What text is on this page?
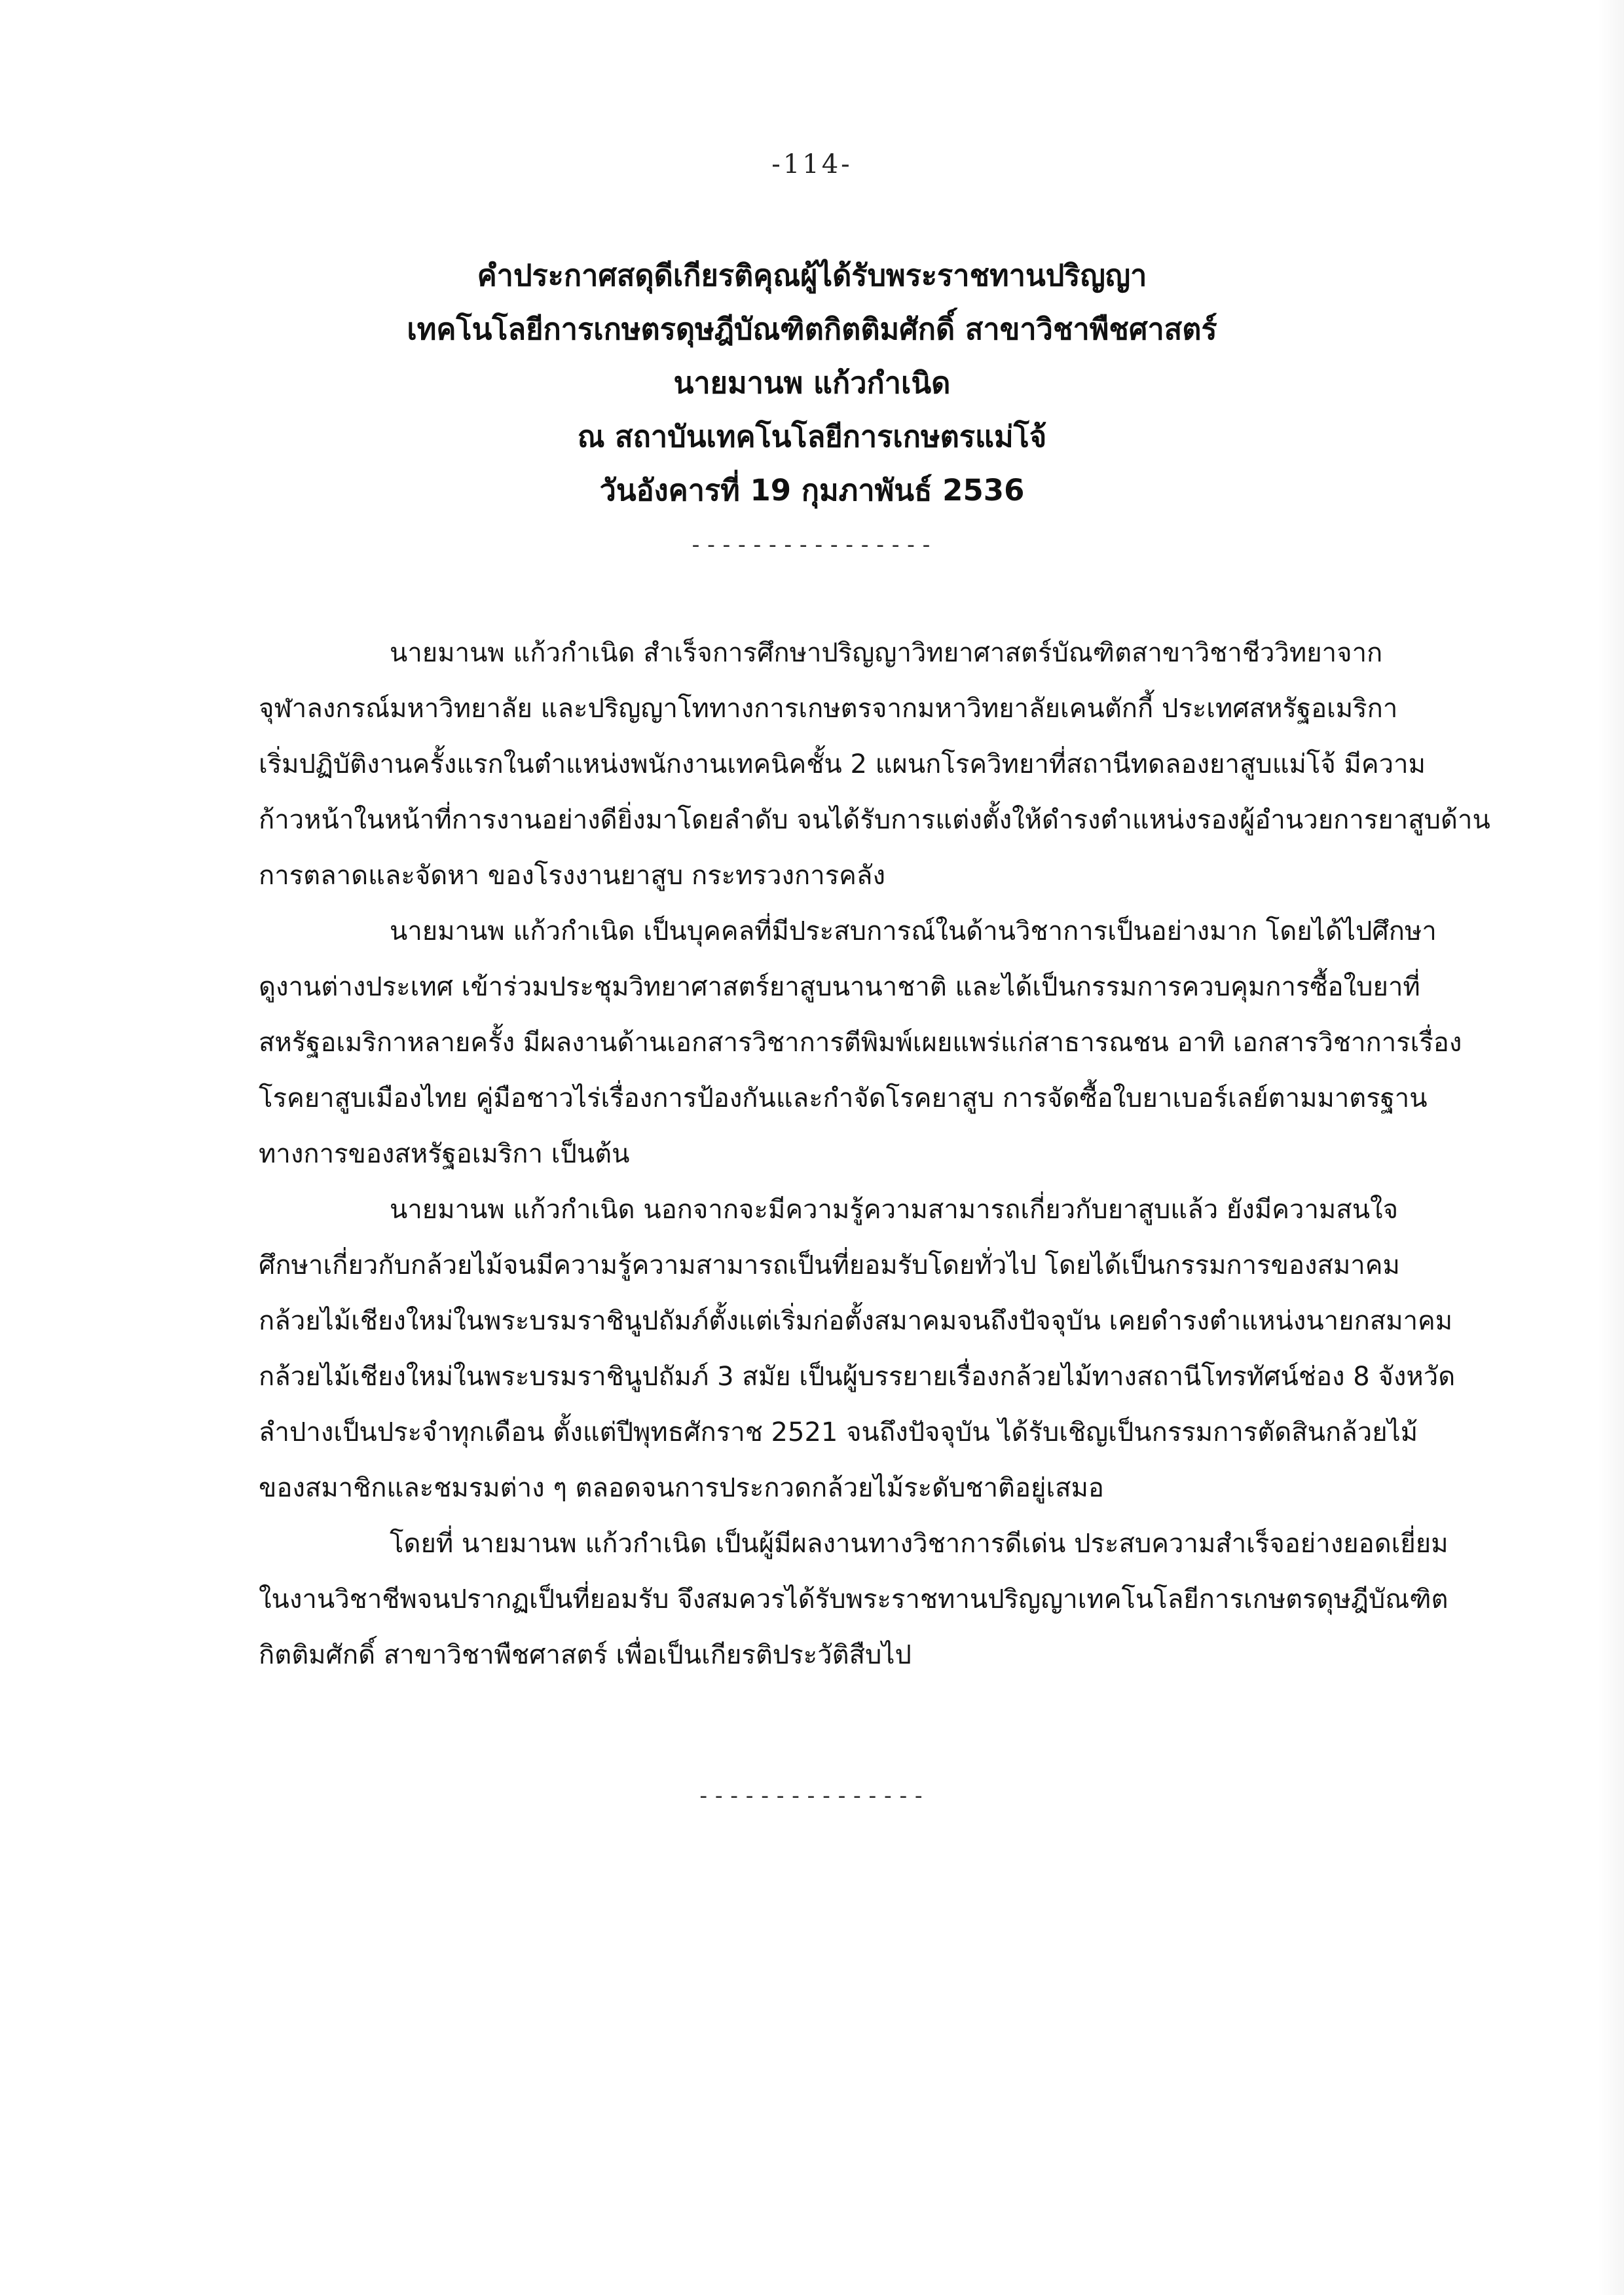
-114-
คำประกาศสดุดีเกียรติคุณผู้ได้รับพระราชทานปริญญา
เทคโนโลยีการเกษตรดุษฎีบัณฑิตกิตติมศักดิ์ สาขาวิชาพืชศาสตร์
นายมานพ แก้วกำเนิด
ณ สถาบันเทคโนโลยีการเกษตรแม่โจ้
วันอังคารที่ 19 กุมภาพันธ์ 2536
----------------
นายมานพ แก้วกำเนิด สำเร็จการศึกษาปริญญาวิทยาศาสตร์บัณฑิตสาขาวิชาชีววิทยาจาก
จุฬาลงกรณ์มหาวิทยาลัย และปริญญาโททางการเกษตรจากมหาวิทยาลัยเคนตักกี้ ประเทศสหรัฐอเมริกา
เริ่มปฏิบัติงานครั้งแรกในตำแหน่งพนักงานเทคนิคชั้น 2 แผนกโรควิทยาที่สถานีทดลองยาสูบแม่โจ้ มีความ
ก้าวหน้าในหน้าที่การงานอย่างดียิ่งมาโดยลำดับ จนได้รับการแต่งตั้งให้ดำรงตำแหน่งรองผู้อำนวยการยาสูบด้าน
การตลาดและจัดหา ของโรงงานยาสูบ กระทรวงการคลัง
นายมานพ แก้วกำเนิด เป็นบุคคลที่มีประสบการณ์ในด้านวิชาการเป็นอย่างมาก โดยได้ไปศึกษา
ดูงานต่างประเทศ เข้าร่วมประชุมวิทยาศาสตร์ยาสูบนานาชาติ และได้เป็นกรรมการควบคุมการซื้อใบยาที่
สหรัฐอเมริกาหลายครั้ง มีผลงานด้านเอกสารวิชาการตีพิมพ์เผยแพร่แก่สาธารณชน อาทิ เอกสารวิชาการเรื่อง
โรคยาสูบเมืองไทย คู่มือชาวไร่เรื่องการป้องกันและกำจัดโรคยาสูบ การจัดซื้อใบยาเบอร์เลย์ตามมาตรฐาน
ทางการของสหรัฐอเมริกา เป็นต้น
นายมานพ แก้วกำเนิด นอกจากจะมีความรู้ความสามารถเกี่ยวกับยาสูบแล้ว ยังมีความสนใจ
ศึกษาเกี่ยวกับกล้วยไม้จนมีความรู้ความสามารถเป็นที่ยอมรับโดยทั่วไป โดยได้เป็นกรรมการของสมาคม
กล้วยไม้เชียงใหม่ในพระบรมราชินูปถัมภ์ตั้งแต่เริ่มก่อตั้งสมาคมจนถึงปัจจุบัน เคยดำรงตำแหน่งนายกสมาคม
กล้วยไม้เชียงใหม่ในพระบรมราชินูปถัมภ์ 3 สมัย เป็นผู้บรรยายเรื่องกล้วยไม้ทางสถานีโทรทัศน์ช่อง 8 จังหวัด
ลำปางเป็นประจำทุกเดือน ตั้งแต่ปีพุทธศักราช 2521 จนถึงปัจจุบัน ได้รับเชิญเป็นกรรมการตัดสินกล้วยไม้
ของสมาชิกและชมรมต่าง ๆ ตลอดจนการประกวดกล้วยไม้ระดับชาติอยู่เสมอ
โดยที่ นายมานพ แก้วกำเนิด เป็นผู้มีผลงานทางวิชาการดีเด่น ประสบความสำเร็จอย่างยอดเยี่ยม
ในงานวิชาชีพจนปรากฏเป็นที่ยอมรับ จึงสมควรได้รับพระราชทานปริญญาเทคโนโลยีการเกษตรดุษฎีบัณฑิต
กิตติมศักดิ์ สาขาวิชาพืชศาสตร์ เพื่อเป็นเกียรติประวัติสืบไป
---------------
